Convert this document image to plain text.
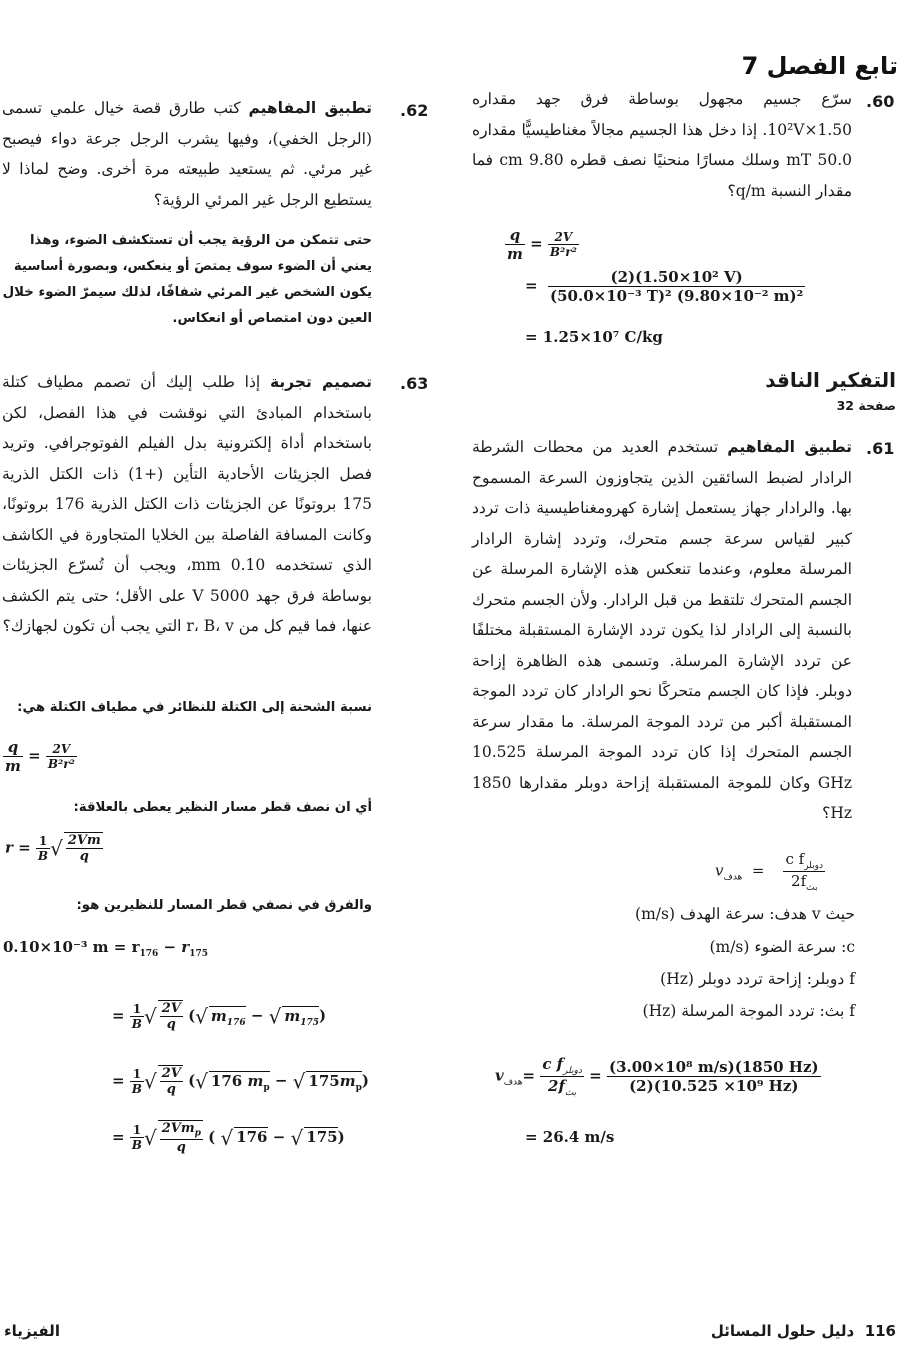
تابع الفصل 7
.60
سرّع جسيم مجهول بوساطة فرق جهد مقداره 1.50×10²V. إذا دخل هذا الجسيم مجالاً مغناطيسيًّا مقداره 50.0 mT وسلك مسارًا منحنيًا نصف قطره 9.80 cm فما مقدار النسبة q/m؟
$\frac{q}{m} = \frac{2V}{\text{B²r²}}$
= $\frac{\text{(2)(1.50×10² V)}}{\text{(50.0×10⁻³ T)² (9.80×10⁻² m)²}}$
= 1.25×10⁷ C/kg
التفكير الناقد
صفحة 32
.61
تطبيق المفاهيم تستخدم العديد من محطات الشرطة الرادار لضبط السائقين الذين يتجاوزون السرعة المسموح بها. والرادار جهاز يستعمل إشارة كهرومغناطيسية ذات تردد كبير لقياس سرعة جسم متحرك، وتردد إشارة الرادار المرسلة معلوم، وعندما تنعكس هذه الإشارة المرسلة عن الجسم المتحرك تلتقط من قبل الرادار. ولأن الجسم متحرك بالنسبة إلى الرادار لذا يكون تردد الإشارة المستقبلة مختلفًا عن تردد الإشارة المرسلة. وتسمى هذه الظاهرة إزاحة دوبلر. فإذا كان الجسم متحركًا نحو الرادار كان تردد الموجة المستقبلة أكبر من تردد الموجة المرسلة. ما مقدار سرعة الجسم المتحرك إذا كان تردد الموجة المرسلة 10.525 GHz وكان للموجة المستقبلة إزاحة دوبلر مقدارها 1850 Hz؟
$v_{هدف} = \frac{c f_{دوبلر}}{2f_{بث}}$
حيث v هدف: سرعة الهدف (m/s)
c: سرعة الضوء (m/s)
f دوبلر: إزاحة تردد دوبلر (Hz)
f بث: تردد الموجة المرسلة (Hz)
$v_{هدف}= \frac{c f_{دوبلر}}{2f_{بث}} = \frac{\text{(3.00×10⁸ m/s)(1850 Hz)}}{\text{(2)(10.525 ×10⁹ Hz)}}$
= 26.4 m/s
.62
تطبيق المفاهيم كتب طارق قصة خيال علمي تسمى (الرجل الخفي)، وفيها يشرب الرجل جرعة دواء فيصبح غير مرئي. ثم يستعيد طبيعته مرة أخرى. وضح لماذا لا يستطيع الرجل غير المرئي الرؤية؟
حتى تتمكن من الرؤية يجب أن تستكشف الضوء، وهذا يعني أن الضوء سوف يمتصَ أو ينعكس، وبصورة أساسية يكون الشخص غير المرئي شفافًا، لذلك سيمرّ الضوء خلال العين دون امتصاص أو انعكاس.
.63
تصميم تجربة إذا طلب إليك أن تصمم مطياف كتلة باستخدام المبادئ التي نوقشت في هذا الفصل، لكن باستخدام أداة إلكترونية بدل الفيلم الفوتوجرافي. وتريد فصل الجزيئات الأحادية التأين (+1) ذات الكتل الذرية 175 بروتونًا عن الجزيئات ذات الكتل الذرية 176 بروتونًا، وكانت المسافة الفاصلة بين الخلايا المتجاورة في الكاشف الذي تستخدمه 0.10 mm، ويجب أن تُسرّع الجزيئات بوساطة فرق جهد 5000 V على الأقل؛ حتى يتم الكشف عنها، فما قيم كل من r، B، v التي يجب أن تكون لجهازك؟
نسبة الشحنة إلى الكتلة للنظائر في مطياف الكتلة هي:
$\frac{q}{m} = \frac{2V}{\text{B²r²}}$
أي ان نصف قطر مسار النظير يعطى بالعلاقة:
$r = \frac{1}{B}$ √ $\frac{2Vm}{q}$
والفرق في نصفي قطر المسار للنظيرين هو:
0.10×10⁻³ $m = r_{176} - r_{175}$
= $\frac{1}{B}$ √ $\frac{2V}{q}$ (√ $m_{176}$ − √ $m_{175}$)
= $\frac{1}{B}$ √ $\frac{2V}{q}$ (√ 176 $m_p$ − √ $175m_p$)
= $\frac{1}{B}$ √ $\frac{2Vm_p}{q}$ ( √ 176 − √ 175)
الفيزياء	116  دليل حلول المسائل
